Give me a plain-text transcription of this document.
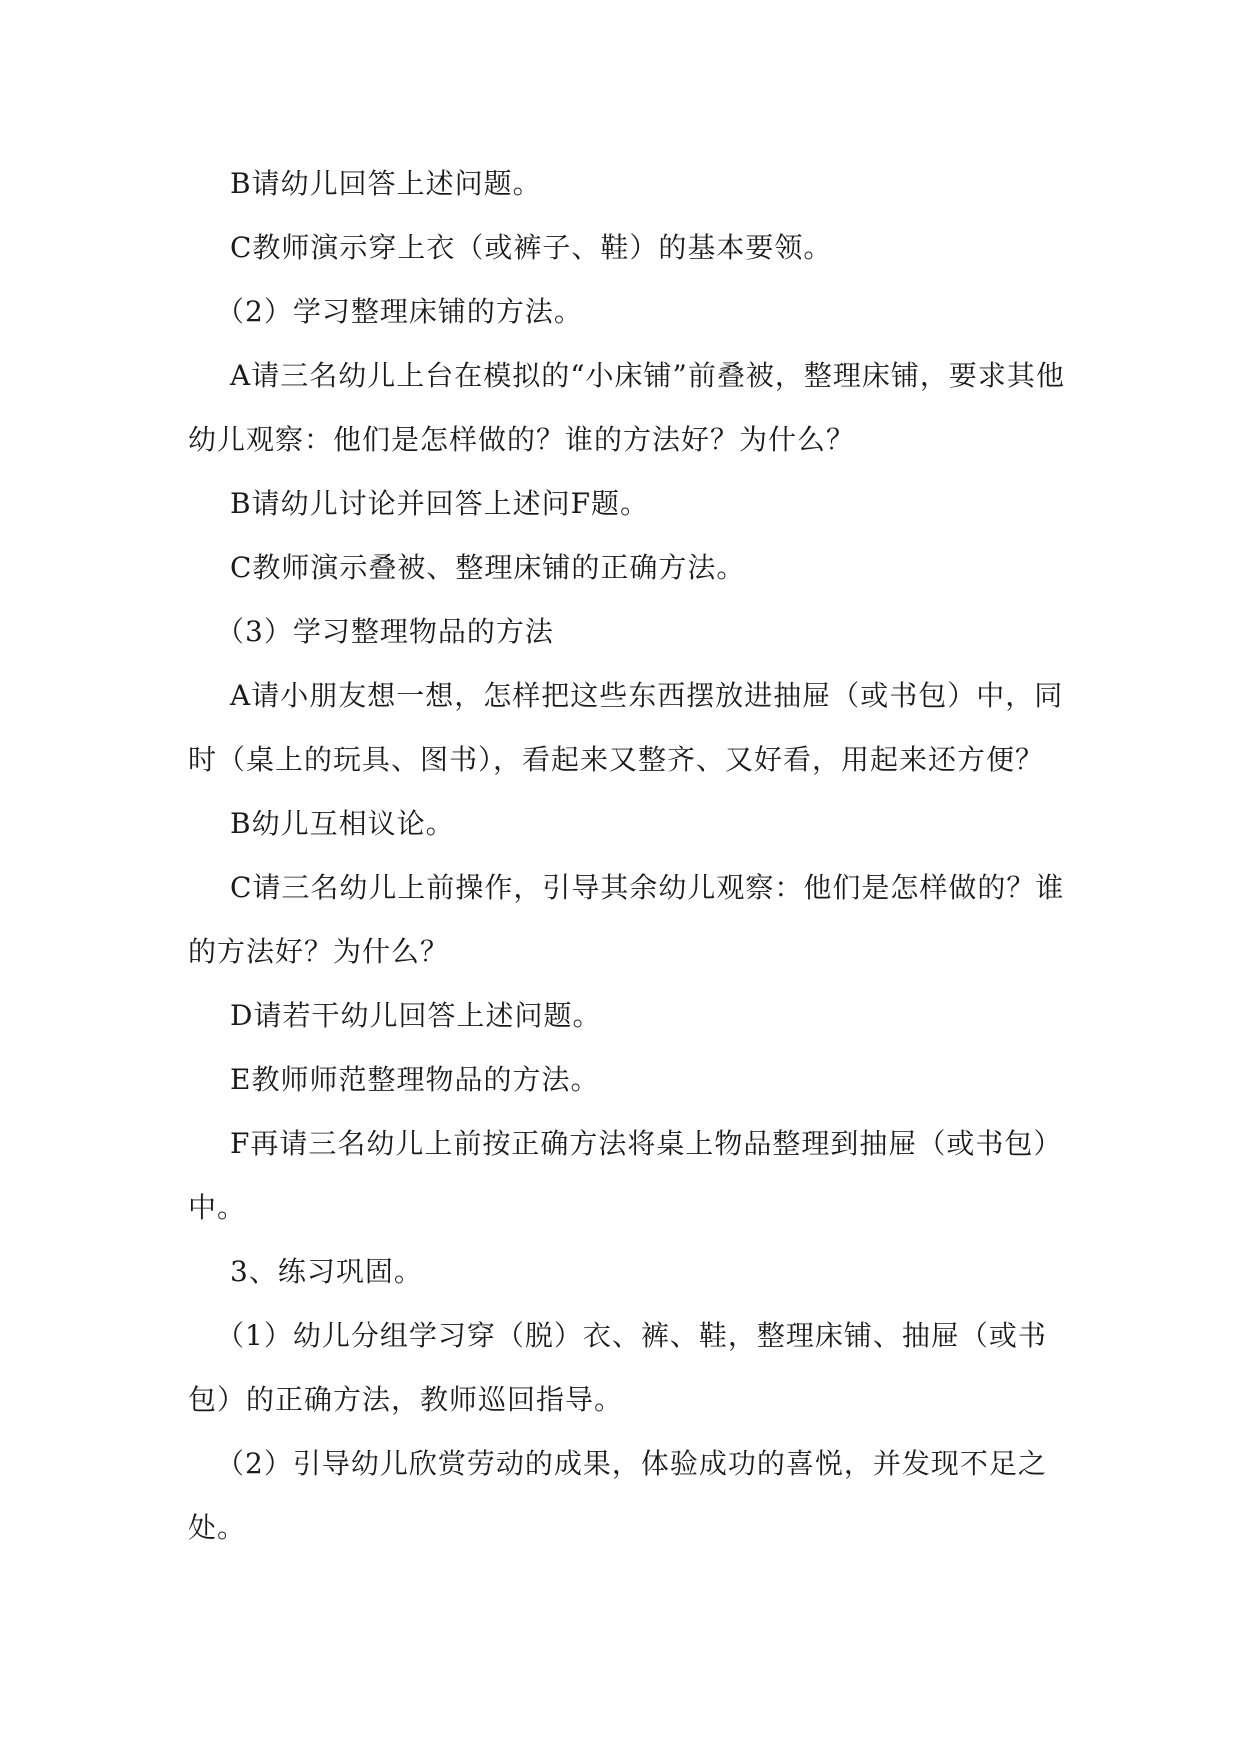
B请幼儿回答上述问题。

C教师演示穿上衣（或裤子、鞋）的基本要领。

（2）学习整理床铺的方法。

A请三名幼儿上台在模拟的“小床铺”前叠被，整理床铺，要求其他幼儿观察：他们是怎样做的？谁的方法好？为什么？

B请幼儿讨论并回答上述问F题。

C教师演示叠被、整理床铺的正确方法。

（3）学习整理物品的方法

A请小朋友想一想，怎样把这些东西摆放进抽屉（或书包）中，同时（桌上的玩具、图书），看起来又整齐、又好看，用起来还方便？

B幼儿互相议论。

C请三名幼儿上前操作，引导其余幼儿观察：他们是怎样做的？谁的方法好？为什么？

D请若干幼儿回答上述问题。

E教师师范整理物品的方法。

F再请三名幼儿上前按正确方法将桌上物品整理到抽屉（或书包）中。

3、练习巩固。

（1）幼儿分组学习穿（脱）衣、裤、鞋，整理床铺、抽屉（或书包）的正确方法，教师巡回指导。

（2）引导幼儿欣赏劳动的成果，体验成功的喜悦，并发现不足之处。
